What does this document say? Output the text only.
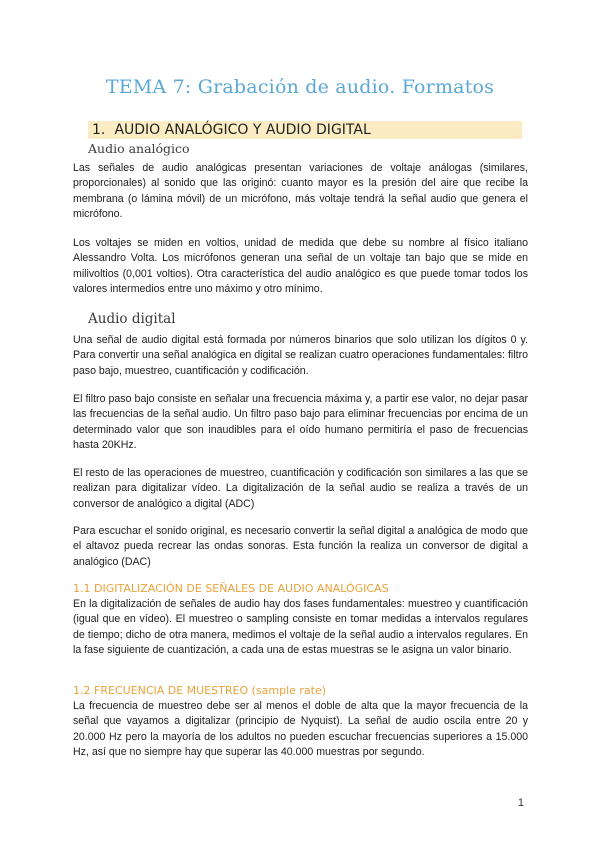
TEMA 7: Grabación de audio. Formatos
1. AUDIO ANALÓGICO Y AUDIO DIGITAL
Audio analógico

Las señales de audio analógicas presentan variaciones de voltaje análogas (similares, proporcionales) al sonido que las originó: cuanto mayor es la presión del aire que recibe la membrana (o lámina móvil) de un micrófono, más voltaje tendrá la señal audio que genera el micrófono.

Los voltajes se miden en voltios, unidad de medida que debe su nombre al físico italiano Alessandro Volta. Los micrófonos generan una señal de un voltaje tan bajo que se mide en milivoltios (0,001 voltios). Otra característica del audio analógico es que puede tomar todos los valores intermedios entre uno máximo y otro mínimo.

Audio digital

Una señal de audio digital está formada por números binarios que solo utilizan los dígitos 0 y. Para convertir una señal analógica en digital se realizan cuatro operaciones fundamentales: filtro paso bajo, muestreo, cuantificación y codificación.

El filtro paso bajo consiste en señalar una frecuencia máxima y, a partir ese valor, no dejar pasar las frecuencias de la señal audio. Un filtro paso bajo para eliminar frecuencias por encima de un determinado valor que son inaudibles para el oído humano permitiría el paso de frecuencias hasta 20KHz.

El resto de las operaciones de muestreo, cuantificación y codificación son similares a las que se realizan para digitalizar vídeo. La digitalización de la señal audio se realiza a través de un conversor de analógico a digital (ADC)

Para escuchar el sonido original, es necesario convertir la señal digital a analógica de modo que el altavoz pueda recrear las ondas sonoras. Esta función la realiza un conversor de digital a analógico (DAC)

1.1 DIGITALIZACIÓN DE SEÑALES DE AUDIO ANALÓGICAS

En la digitalización de señales de audio hay dos fases fundamentales: muestreo y cuantificación (igual que en vídeo). El muestreo o sampling consiste en tomar medidas a intervalos regulares de tiempo; dicho de otra manera, medimos el voltaje de la señal audio a intervalos regulares. En la fase siguiente de cuantización, a cada una de estas muestras se le asigna un valor binario.

1.2 FRECUENCIA DE MUESTREO (sample rate)

La frecuencia de muestreo debe ser al menos el doble de alta que la mayor frecuencia de la señal que vayamos a digitalizar (principio de Nyquist). La señal de audio oscila entre 20 y 20.000 Hz pero la mayoría de los adultos no pueden escuchar frecuencias superiores a 15.000 Hz, así que no siempre hay que superar las 40.000 muestras por segundo.

1
